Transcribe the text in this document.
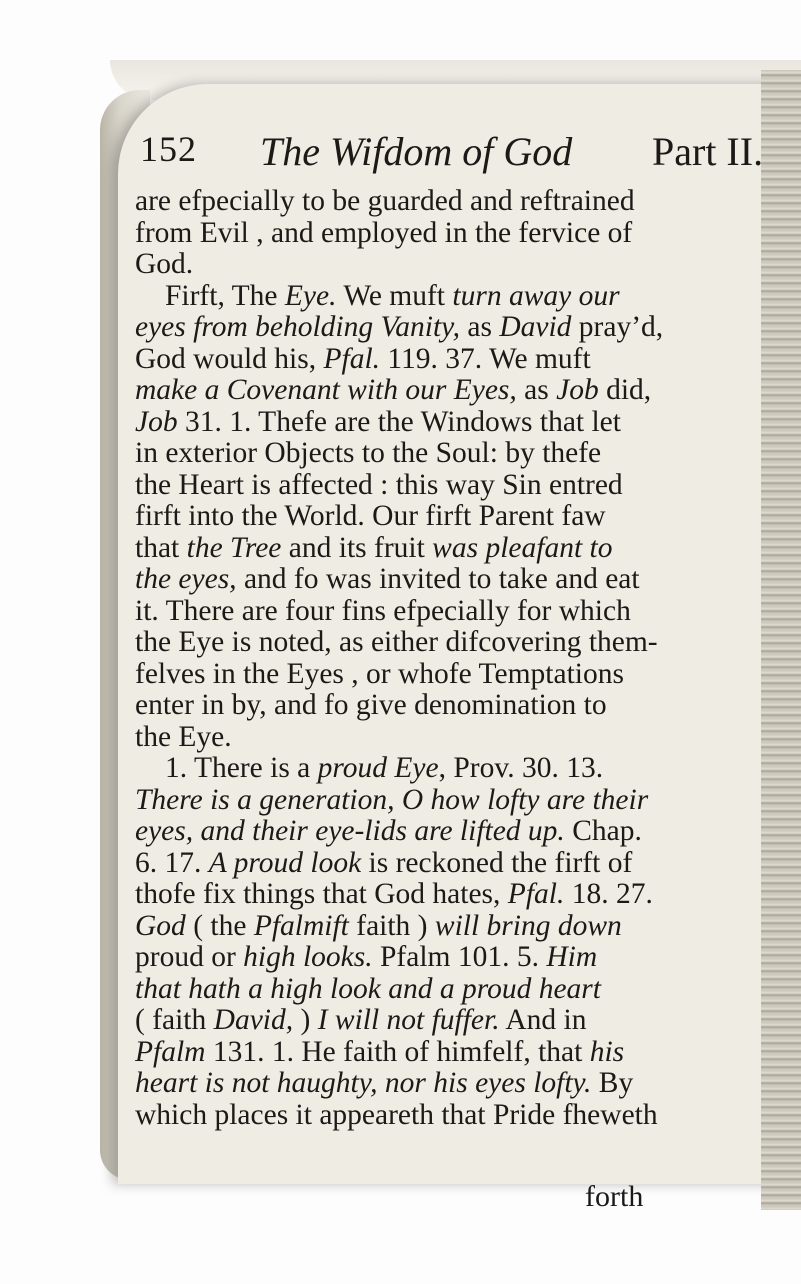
152 The Wifdom of God Part II.
are efpecially to be guarded and reftrained
from Evil , and employed in the fervice of
God.
Firft, The Eye. We muft turn away our
eyes from beholding Vanity, as David pray’d,
God would his, Pfal. 119. 37. We muft
make a Covenant with our Eyes, as Job did,
Job 31. 1. Thefe are the Windows that let
in exterior Objects to the Soul: by thefe
the Heart is affected : this way Sin entred
firft into the World. Our firft Parent faw
that the Tree and its fruit was pleafant to
the eyes, and fo was invited to take and eat
it. There are four fins efpecially for which
the Eye is noted, as either difcovering them-
felves in the Eyes , or whofe Temptations
enter in by, and fo give denomination to
the Eye.
1. There is a proud Eye, Prov. 30. 13.
There is a generation, O how lofty are their
eyes, and their eye-lids are lifted up. Chap.
6. 17. A proud look is reckoned the firft of
thofe fix things that God hates, Pfal. 18. 27.
God ( the Pfalmift faith ) will bring down
proud or high looks. Pfalm 101. 5. Him
that hath a high look and a proud heart
( faith David, ) I will not fuffer. And in
Pfalm 131. 1. He faith of himfelf, that his
heart is not haughty, nor his eyes lofty. By
which places it appeareth that Pride fheweth
forth
